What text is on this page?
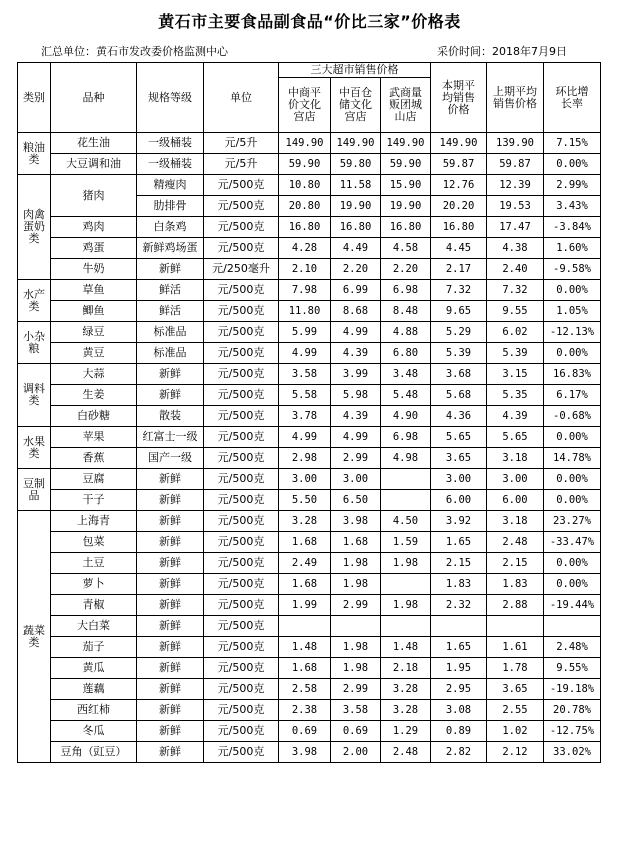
黄石市主要食品副食品“价比三家”价格表
汇总单位：黄石市发改委价格监测中心	采价时间：2018年7月9日
类别	品种	规格等级	单位	三大超市销售价格			本期平均销售价格	上期平均销售价格	环比增长率
				中商平价文化宫店	中百仓储文化宫店	武商量贩团城山店			
粮油类	花生油	一级桶装	元/5升	149.90	149.90	149.90	149.90	139.90	7.15%
	大豆调和油	一级桶装	元/5升	59.90	59.80	59.90	59.87	59.87	0.00%
肉禽蛋奶类	猪肉	精瘦肉	元/500克	10.80	11.58	15.90	12.76	12.39	2.99%
		肋排骨	元/500克	20.80	19.90	19.90	20.20	19.53	3.43%
	鸡肉	白条鸡	元/500克	16.80	16.80	16.80	16.80	17.47	-3.84%
	鸡蛋	新鲜鸡场蛋	元/500克	4.28	4.49	4.58	4.45	4.38	1.60%
	牛奶	新鲜	元/250毫升	2.10	2.20	2.20	2.17	2.40	-9.58%
水产类	草鱼	鲜活	元/500克	7.98	6.99	6.98	7.32	7.32	0.00%
	鲫鱼	鲜活	元/500克	11.80	8.68	8.48	9.65	9.55	1.05%
小杂粮	绿豆	标准品	元/500克	5.99	4.99	4.88	5.29	6.02	-12.13%
	黄豆	标准品	元/500克	4.99	4.39	6.80	5.39	5.39	0.00%
调料类	大蒜	新鲜	元/500克	3.58	3.99	3.48	3.68	3.15	16.83%
	生姜	新鲜	元/500克	5.58	5.98	5.48	5.68	5.35	6.17%
	白砂糖	散装	元/500克	3.78	4.39	4.90	4.36	4.39	-0.68%
水果类	苹果	红富士一级	元/500克	4.99	4.99	6.98	5.65	5.65	0.00%
	香蕉	国产一级	元/500克	2.98	2.99	4.98	3.65	3.18	14.78%
豆制品	豆腐	新鲜	元/500克	3.00	3.00		3.00	3.00	0.00%
	干子	新鲜	元/500克	5.50	6.50		6.00	6.00	0.00%
蔬菜类	上海青	新鲜	元/500克	3.28	3.98	4.50	3.92	3.18	23.27%
	包菜	新鲜	元/500克	1.68	1.68	1.59	1.65	2.48	-33.47%
	土豆	新鲜	元/500克	2.49	1.98	1.98	2.15	2.15	0.00%
	萝卜	新鲜	元/500克	1.68	1.98		1.83	1.83	0.00%
	青椒	新鲜	元/500克	1.99	2.99	1.98	2.32	2.88	-19.44%
	大白菜	新鲜	元/500克						
	茄子	新鲜	元/500克	1.48	1.98	1.48	1.65	1.61	2.48%
	黄瓜	新鲜	元/500克	1.68	1.98	2.18	1.95	1.78	9.55%
	莲藕	新鲜	元/500克	2.58	2.99	3.28	2.95	3.65	-19.18%
	西红柿	新鲜	元/500克	2.38	3.58	3.28	3.08	2.55	20.78%
	冬瓜	新鲜	元/500克	0.69	0.69	1.29	0.89	1.02	-12.75%
	豆角（豇豆）	新鲜	元/500克	3.98	2.00	2.48	2.82	2.12	33.02%
